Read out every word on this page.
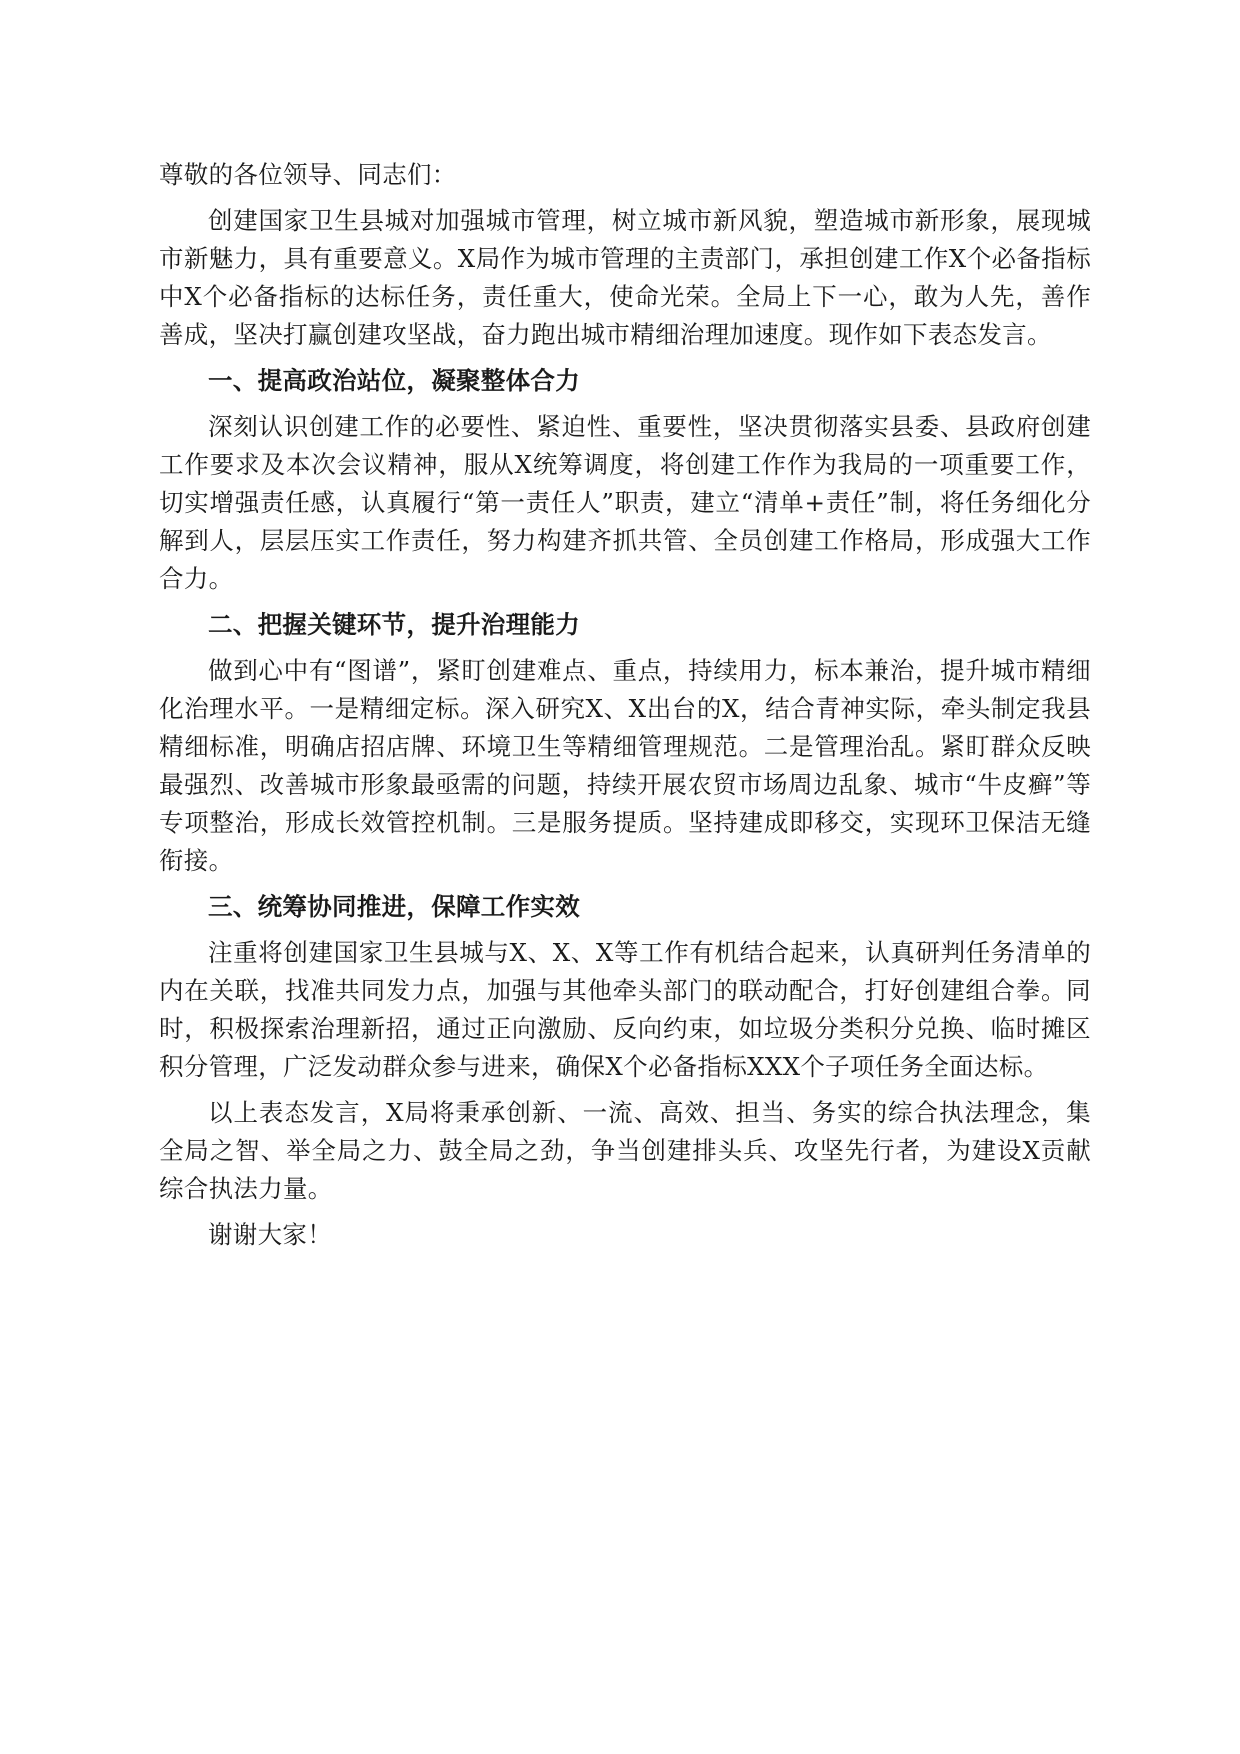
尊敬的各位领导、同志们：

创建国家卫生县城对加强城市管理，树立城市新风貌，塑造城市新形象，展现城市新魅力，具有重要意义。X局作为城市管理的主责部门，承担创建工作X个必备指标中X个必备指标的达标任务，责任重大，使命光荣。全局上下一心，敢为人先，善作善成，坚决打赢创建攻坚战，奋力跑出城市精细治理加速度。现作如下表态发言。

一、提高政治站位，凝聚整体合力

深刻认识创建工作的必要性、紧迫性、重要性，坚决贯彻落实县委、县政府创建工作要求及本次会议精神，服从X统筹调度，将创建工作作为我局的一项重要工作，切实增强责任感，认真履行“第一责任人”职责，建立“清单+责任”制，将任务细化分解到人，层层压实工作责任，努力构建齐抓共管、全员创建工作格局，形成强大工作合力。

二、把握关键环节，提升治理能力

做到心中有“图谱”，紧盯创建难点、重点，持续用力，标本兼治，提升城市精细化治理水平。一是精细定标。深入研究X、X出台的X，结合青神实际，牵头制定我县精细标准，明确店招店牌、环境卫生等精细管理规范。二是管理治乱。紧盯群众反映最强烈、改善城市形象最亟需的问题，持续开展农贸市场周边乱象、城市“牛皮癣”等专项整治，形成长效管控机制。三是服务提质。坚持建成即移交，实现环卫保洁无缝衔接。

三、统筹协同推进，保障工作实效

注重将创建国家卫生县城与X、X、X等工作有机结合起来，认真研判任务清单的内在关联，找准共同发力点，加强与其他牵头部门的联动配合，打好创建组合拳。同时，积极探索治理新招，通过正向激励、反向约束，如垃圾分类积分兑换、临时摊区积分管理，广泛发动群众参与进来，确保X个必备指标XXX个子项任务全面达标。

以上表态发言，X局将秉承创新、一流、高效、担当、务实的综合执法理念，集全局之智、举全局之力、鼓全局之劲，争当创建排头兵、攻坚先行者，为建设X贡献综合执法力量。

谢谢大家！
